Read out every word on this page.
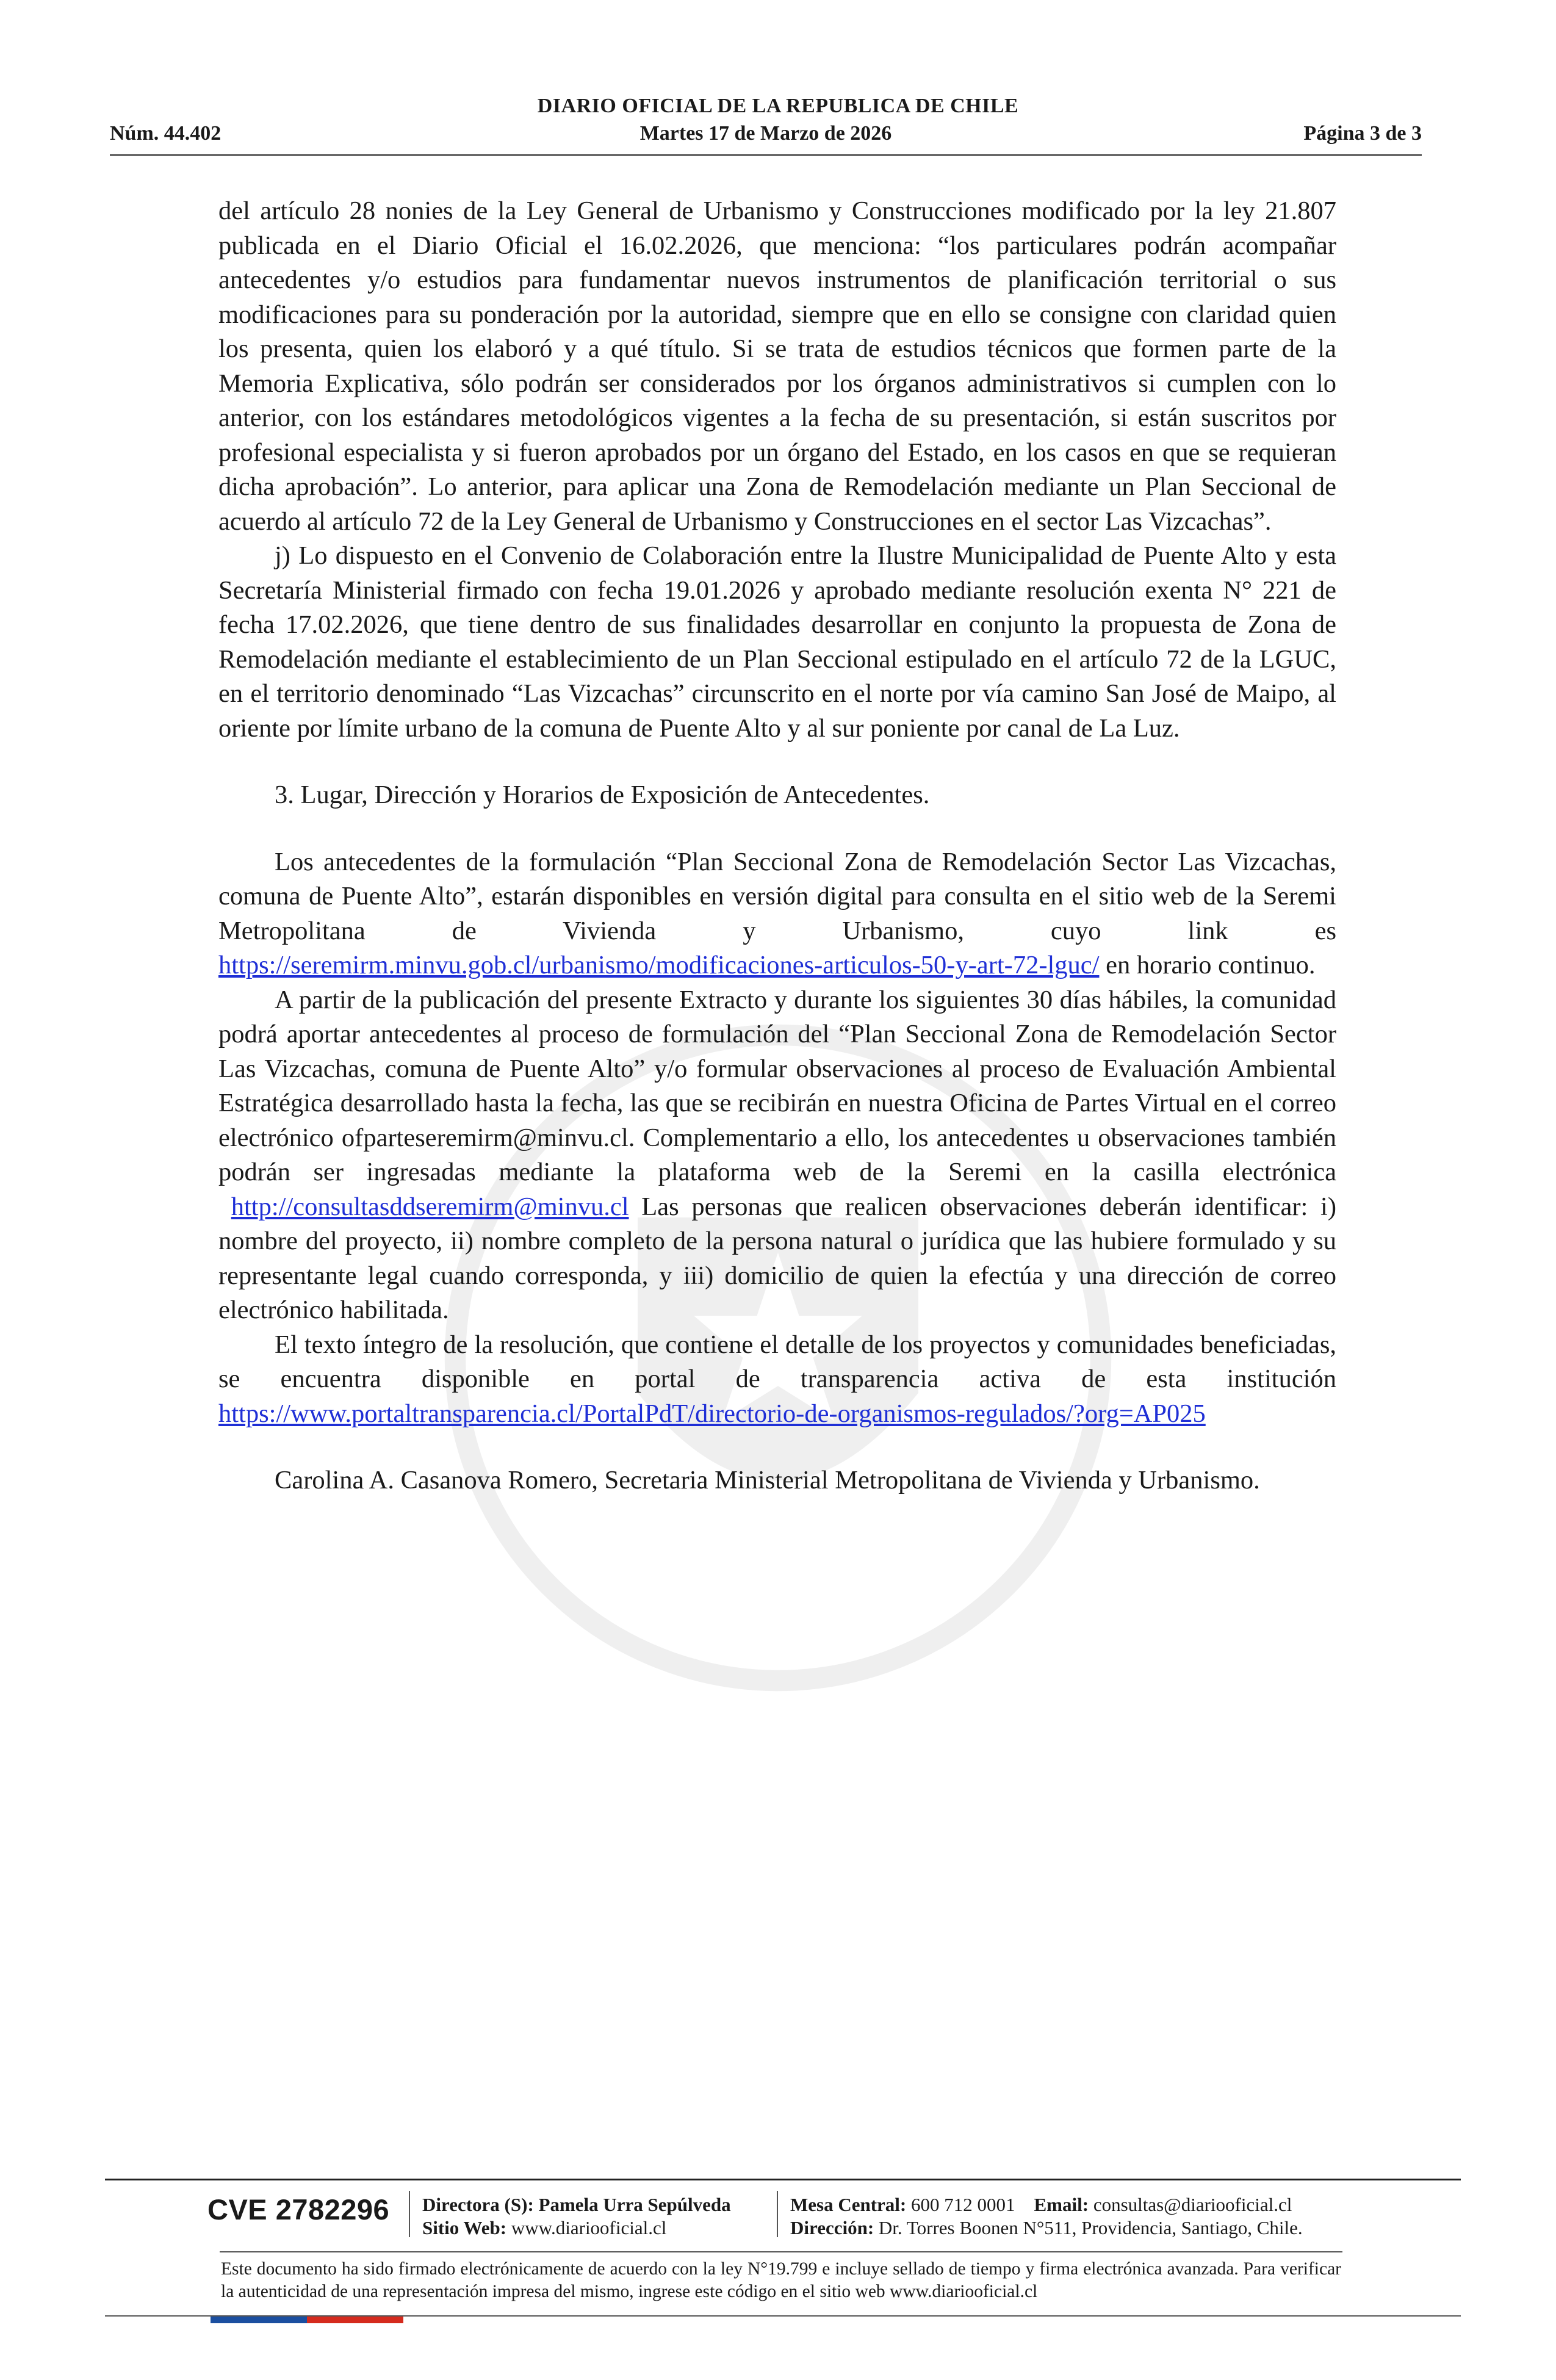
DIARIO OFICIAL DE LA REPUBLICA DE CHILE
Núm. 44.402	Martes 17 de Marzo de 2026	Página 3 de 3

del artículo 28 nonies de la Ley General de Urbanismo y Construcciones modificado por la ley 21.807 publicada en el Diario Oficial el 16.02.2026, que menciona: “los particulares podrán acompañar antecedentes y/o estudios para fundamentar nuevos instrumentos de planificación territorial o sus modificaciones para su ponderación por la autoridad, siempre que en ello se consigne con claridad quien los presenta, quien los elaboró y a qué título. Si se trata de estudios técnicos que formen parte de la Memoria Explicativa, sólo podrán ser considerados por los órganos administrativos si cumplen con lo anterior, con los estándares metodológicos vigentes a la fecha de su presentación, si están suscritos por profesional especialista y si fueron aprobados por un órgano del Estado, en los casos en que se requieran dicha aprobación”. Lo anterior, para aplicar una Zona de Remodelación mediante un Plan Seccional de acuerdo al artículo 72 de la Ley General de Urbanismo y Construcciones en el sector Las Vizcachas”.

j) Lo dispuesto en el Convenio de Colaboración entre la Ilustre Municipalidad de Puente Alto y esta Secretaría Ministerial firmado con fecha 19.01.2026 y aprobado mediante resolución exenta N° 221 de fecha 17.02.2026, que tiene dentro de sus finalidades desarrollar en conjunto la propuesta de Zona de Remodelación mediante el establecimiento de un Plan Seccional estipulado en el artículo 72 de la LGUC, en el territorio denominado “Las Vizcachas” circunscrito en el norte por vía camino San José de Maipo, al oriente por límite urbano de la comuna de Puente Alto y al sur poniente por canal de La Luz.

3. Lugar, Dirección y Horarios de Exposición de Antecedentes.

Los antecedentes de la formulación “Plan Seccional Zona de Remodelación Sector Las Vizcachas, comuna de Puente Alto”, estarán disponibles en versión digital para consulta en el sitio web de la Seremi Metropolitana de Vivienda y Urbanismo, cuyo link es https://seremirm.minvu.gob.cl/urbanismo/modificaciones-articulos-50-y-art-72-lguc/ en horario continuo.

A partir de la publicación del presente Extracto y durante los siguientes 30 días hábiles, la comunidad podrá aportar antecedentes al proceso de formulación del “Plan Seccional Zona de Remodelación Sector Las Vizcachas, comuna de Puente Alto” y/o formular observaciones al proceso de Evaluación Ambiental Estratégica desarrollado hasta la fecha, las que se recibirán en nuestra Oficina de Partes Virtual en el correo electrónico ofparteseremirm@minvu.cl. Complementario a ello, los antecedentes u observaciones también podrán ser ingresadas mediante la plataforma web de la Seremi en la casilla electrónica  http://consultasddseremirm@minvu.cl Las personas que realicen observaciones deberán identificar: i) nombre del proyecto, ii) nombre completo de la persona natural o jurídica que las hubiere formulado y su representante legal cuando corresponda, y iii) domicilio de quien la efectúa y una dirección de correo electrónico habilitada.

El texto íntegro de la resolución, que contiene el detalle de los proyectos y comunidades beneficiadas, se encuentra disponible en portal de transparencia activa de esta institución https://www.portaltransparencia.cl/PortalPdT/directorio-de-organismos-regulados/?org=AP025

Carolina A. Casanova Romero, Secretaria Ministerial Metropolitana de Vivienda y Urbanismo.

CVE 2782296 Directora (S): Pamela Urra Sepúlveda
Sitio Web: www.diariooficial.cl
Mesa Central: 600 712 0001 Email: consultas@diariooficial.cl
Dirección: Dr. Torres Boonen N°511, Providencia, Santiago, Chile.
Este documento ha sido firmado electrónicamente de acuerdo con la ley N°19.799 e incluye sellado de tiempo y firma electrónica avanzada. Para verificar la autenticidad de una representación impresa del mismo, ingrese este código en el sitio web www.diariooficial.cl
